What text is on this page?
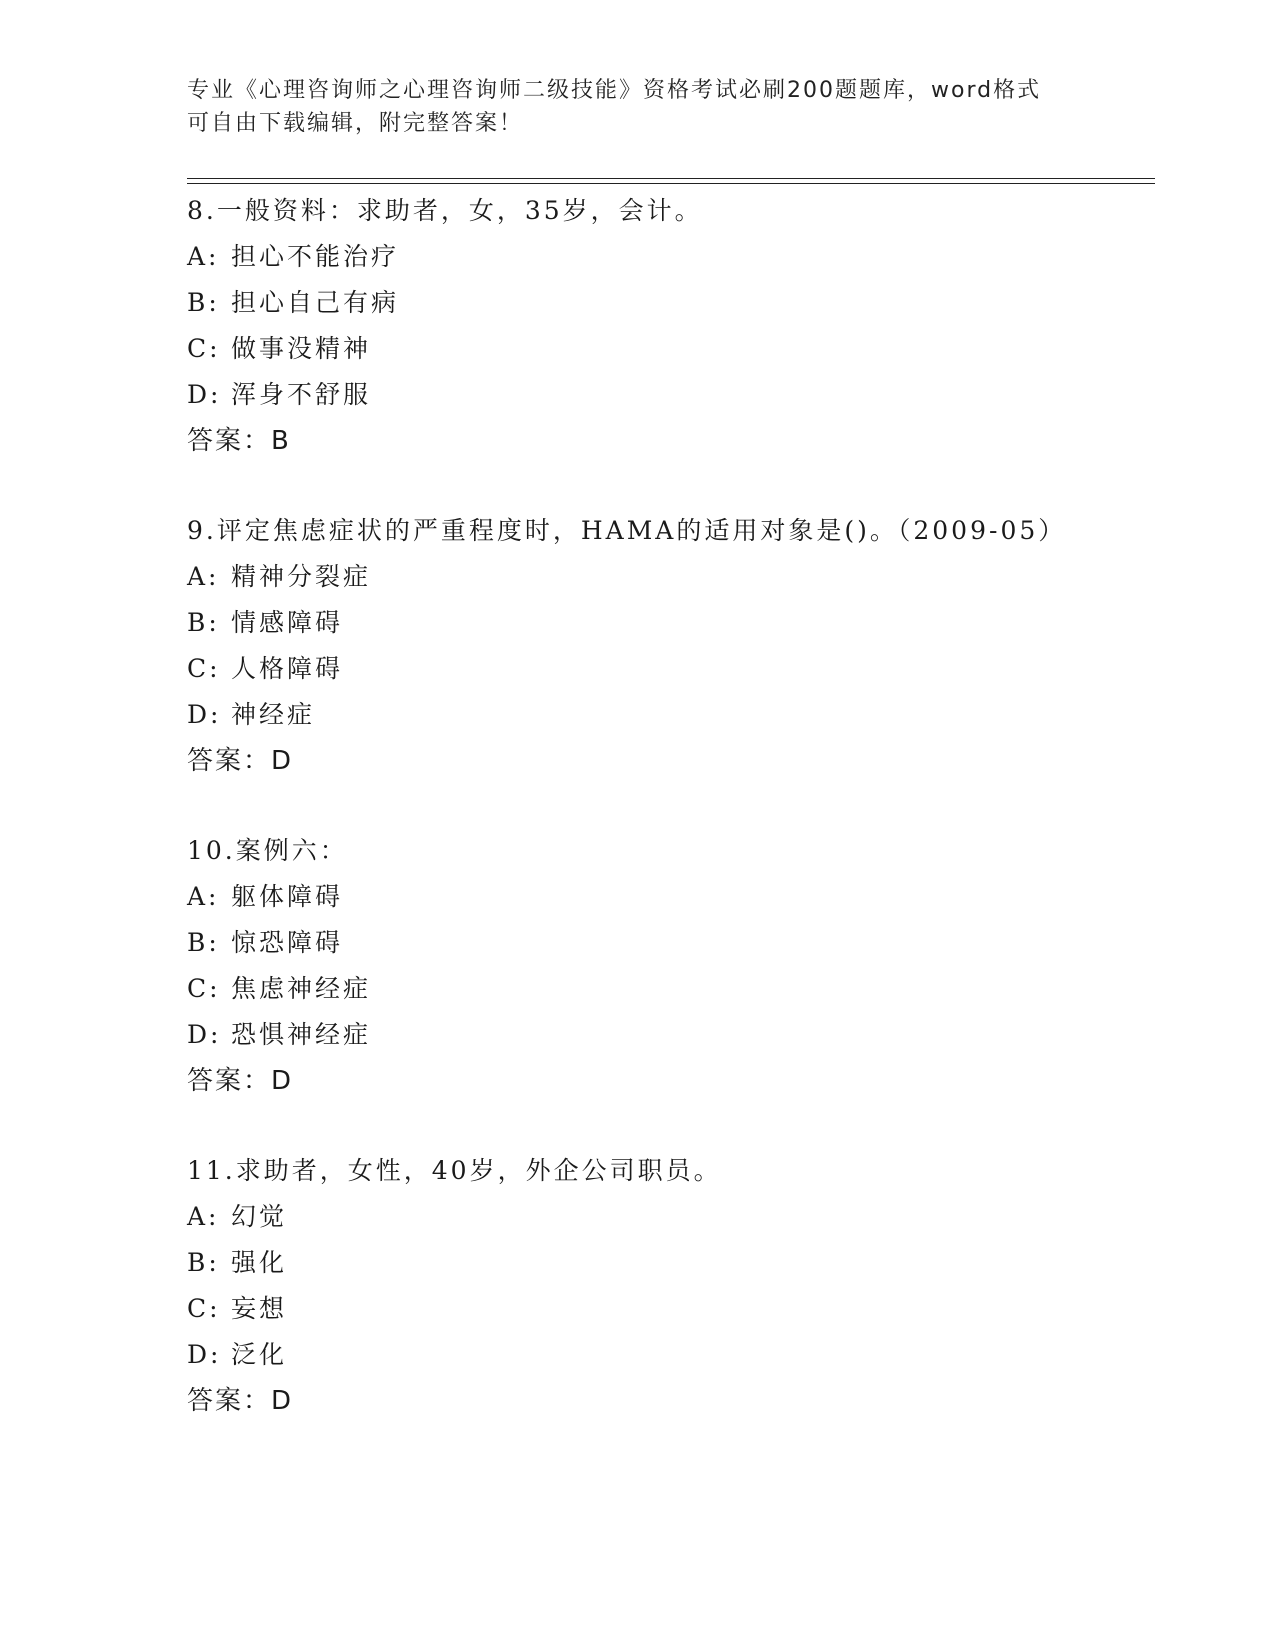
专业《心理咨询师之心理咨询师二级技能》资格考试必刷200题题库，word格式
可自由下载编辑，附完整答案！
8.一般资料：求助者，女，35岁，会计。
A: 担心不能治疗
B: 担心自己有病
C: 做事没精神
D: 浑身不舒服
答案：B
9.评定焦虑症状的严重程度时，HAMA的适用对象是()。（2009-05）
A: 精神分裂症
B: 情感障碍
C: 人格障碍
D: 神经症
答案：D
10.案例六：
A: 躯体障碍
B: 惊恐障碍
C: 焦虑神经症
D: 恐惧神经症
答案：D
11.求助者，女性，40岁，外企公司职员。
A: 幻觉
B: 强化
C: 妄想
D: 泛化
答案：D
